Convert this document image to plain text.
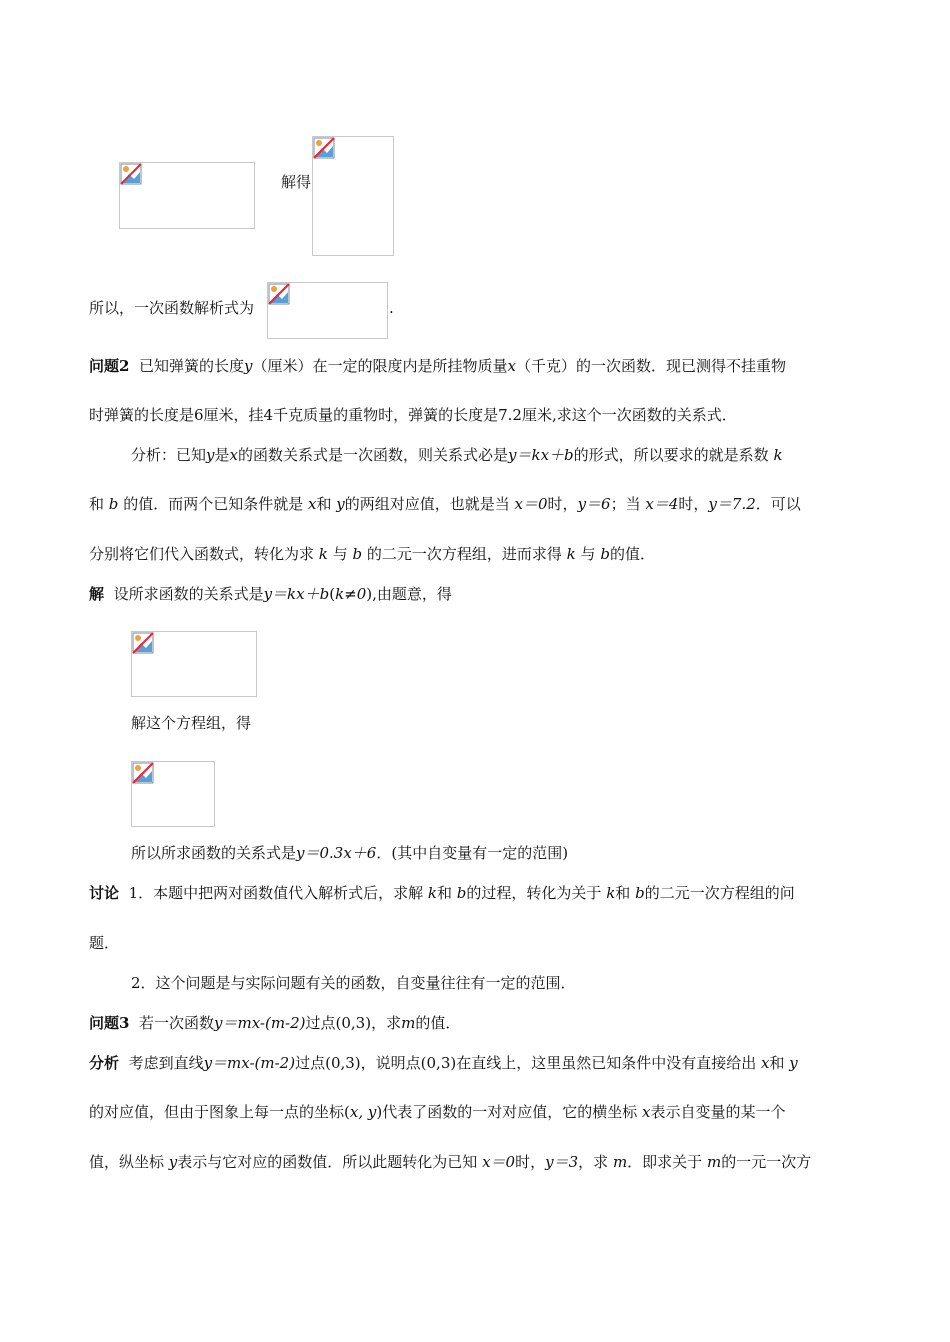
解得
所以，一次函数解析式为	.
问题2 已知弹簧的长度y（厘米）在一定的限度内是所挂物质量x（千克）的一次函数．现已测得不挂重物
时弹簧的长度是6厘米，挂4千克质量的重物时，弹簧的长度是7.2厘米,求这个一次函数的关系式．
分析：已知y是x的函数关系式是一次函数，则关系式必是y＝kx＋b的形式，所以要求的就是系数 k
和 b 的值．而两个已知条件就是 x和 y的两组对应值，也就是当 x＝0时，y＝6；当 x＝4时，y＝7.2．可以
分别将它们代入函数式，转化为求 k 与 b 的二元一次方程组，进而求得 k 与 b的值．
解 设所求函数的关系式是y＝kx＋b(k≠0),由题意，得
解这个方程组，得
所以所求函数的关系式是y＝0.3x＋6．(其中自变量有一定的范围)
讨论 1．本题中把两对函数值代入解析式后，求解 k和 b的过程，转化为关于 k和 b的二元一次方程组的问
题．
2．这个问题是与实际问题有关的函数，自变量往往有一定的范围．
问题3 若一次函数y＝mx-(m-2)过点(0,3)，求m的值．
分析 考虑到直线y＝mx-(m-2)过点(0,3)，说明点(0,3)在直线上，这里虽然已知条件中没有直接给出 x和 y
的对应值，但由于图象上每一点的坐标(x, y)代表了函数的一对对应值，它的横坐标 x表示自变量的某一个
值，纵坐标 y表示与它对应的函数值．所以此题转化为已知 x＝0时，y＝3，求 m．即求关于 m的一元一次方
